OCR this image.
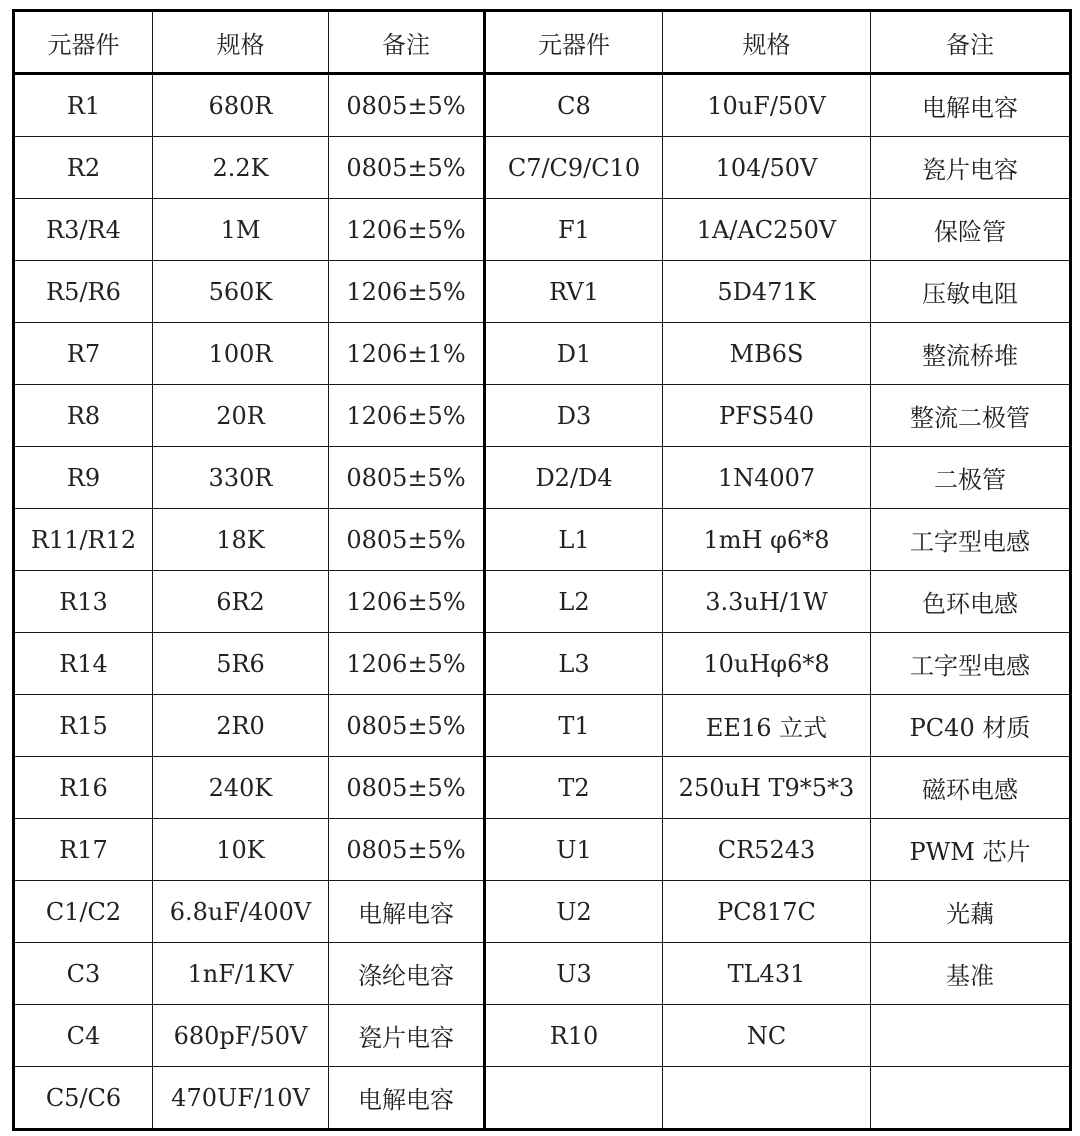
元器件	规格	备注	元器件	规格	备注
R1	680R	0805±5%	C8	10uF/50V	电解电容
R2	2.2K	0805±5%	C7/C9/C10	104/50V	瓷片电容
R3/R4	1M	1206±5%	F1	1A/AC250V	保险管
R5/R6	560K	1206±5%	RV1	5D471K	压敏电阻
R7	100R	1206±1%	D1	MB6S	整流桥堆
R8	20R	1206±5%	D3	PFS540	整流二极管
R9	330R	0805±5%	D2/D4	1N4007	二极管
R11/R12	18K	0805±5%	L1	1mH φ6*8	工字型电感
R13	6R2	1206±5%	L2	3.3uH/1W	色环电感
R14	5R6	1206±5%	L3	10uHφ6*8	工字型电感
R15	2R0	0805±5%	T1	EE16 立式	PC40 材质
R16	240K	0805±5%	T2	250uH T9*5*3	磁环电感
R17	10K	0805±5%	U1	CR5243	PWM 芯片
C1/C2	6.8uF/400V	电解电容	U2	PC817C	光藕
C3	1nF/1KV	涤纶电容	U3	TL431	基准
C4	680pF/50V	瓷片电容	R10	NC	
C5/C6	470UF/10V	电解电容			
